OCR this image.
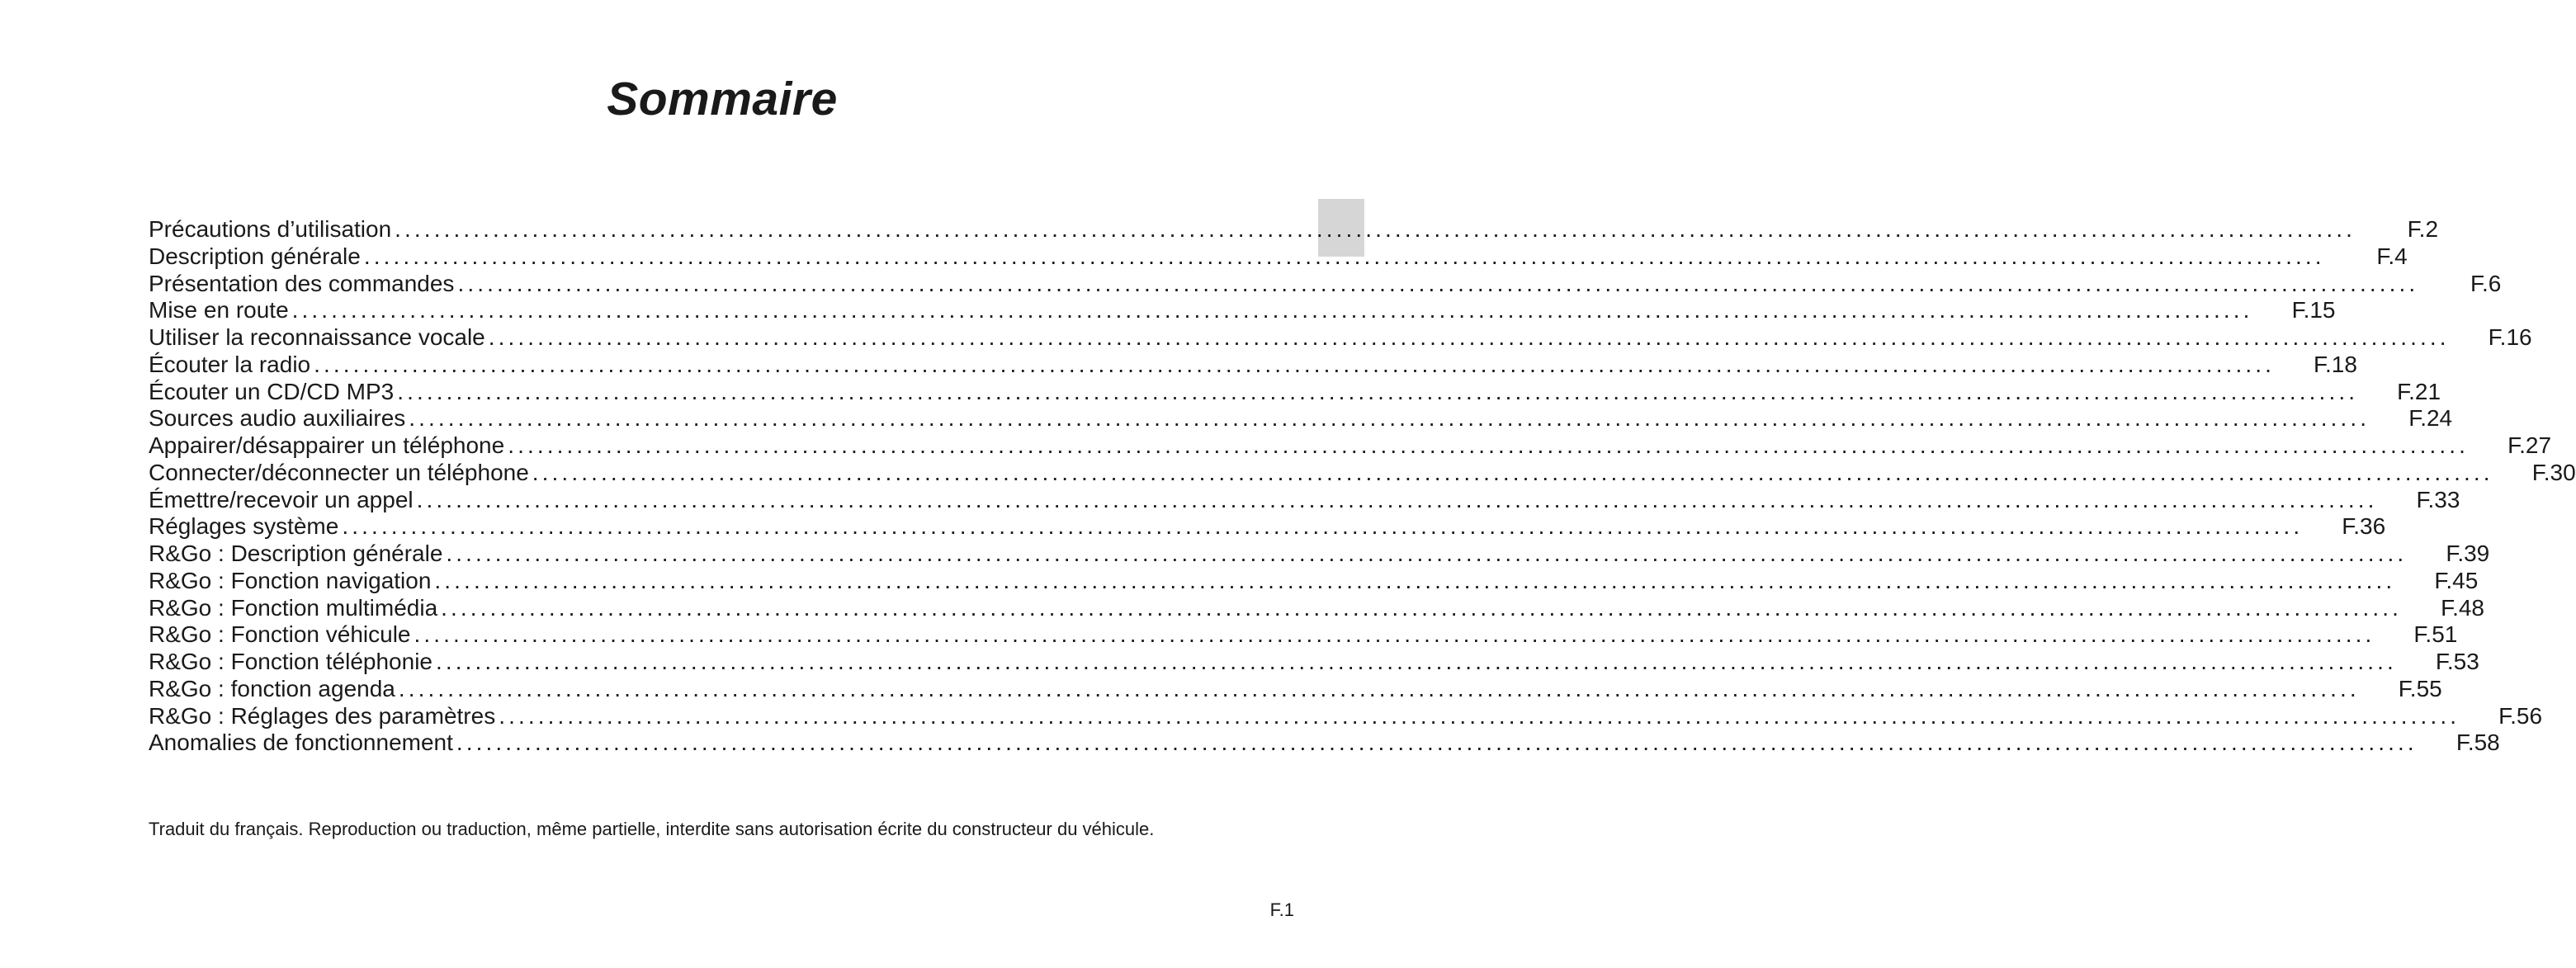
Sommaire
Précautions d’utilisation ........................................................................................................................................................................................................	F.2
Description générale ........................................................................................................................................................................................................	F.4
Présentation des commandes ........................................................................................................................................................................................................	F.6
Mise en route ........................................................................................................................................................................................................	F.15
Utiliser la reconnaissance vocale ........................................................................................................................................................................................................	F.16
Écouter la radio ........................................................................................................................................................................................................	F.18
Écouter un CD/CD MP3 ........................................................................................................................................................................................................	F.21
Sources audio auxiliaires ........................................................................................................................................................................................................	F.24
Appairer/désappairer un téléphone ........................................................................................................................................................................................................	F.27
Connecter/déconnecter un téléphone ........................................................................................................................................................................................................	F.30
Émettre/recevoir un appel ........................................................................................................................................................................................................	F.33
Réglages système ........................................................................................................................................................................................................	F.36
R&Go : Description générale ........................................................................................................................................................................................................	F.39
R&Go : Fonction navigation ........................................................................................................................................................................................................	F.45
R&Go : Fonction multimédia ........................................................................................................................................................................................................	F.48
R&Go : Fonction véhicule ........................................................................................................................................................................................................	F.51
R&Go : Fonction téléphonie ........................................................................................................................................................................................................	F.53
R&Go : fonction agenda ........................................................................................................................................................................................................	F.55
R&Go : Réglages des paramètres ........................................................................................................................................................................................................	F.56
Anomalies de fonctionnement ........................................................................................................................................................................................................	F.58

Traduit du français. Reproduction ou traduction, même partielle, interdite sans autorisation écrite du constructeur du véhicule.

F.1
